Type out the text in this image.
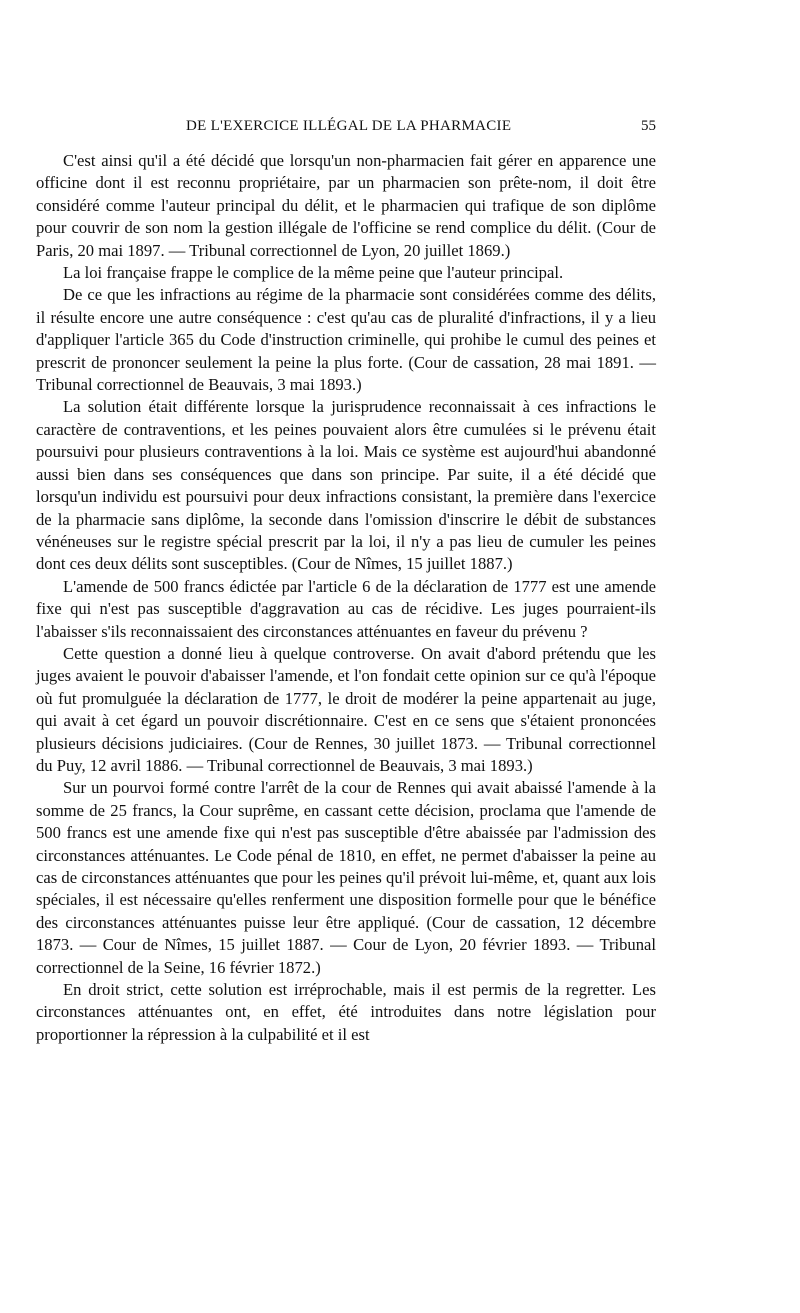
DE L'EXERCICE ILLÉGAL DE LA PHARMACIE	55

C'est ainsi qu'il a été décidé que lorsqu'un non-pharmacien fait gérer en apparence une officine dont il est reconnu propriétaire, par un pharmacien son prête-nom, il doit être considéré comme l'auteur principal du délit, et le pharmacien qui trafique de son diplôme pour couvrir de son nom la gestion illégale de l'officine se rend complice du délit. (Cour de Paris, 20 mai 1897. — Tribunal correctionnel de Lyon, 20 juillet 1869.)

La loi française frappe le complice de la même peine que l'auteur principal.

De ce que les infractions au régime de la pharmacie sont considérées comme des délits, il résulte encore une autre conséquence : c'est qu'au cas de pluralité d'infractions, il y a lieu d'appliquer l'article 365 du Code d'instruction criminelle, qui prohibe le cumul des peines et prescrit de prononcer seulement la peine la plus forte. (Cour de cassation, 28 mai 1891. — Tribunal correctionnel de Beauvais, 3 mai 1893.)

La solution était différente lorsque la jurisprudence reconnaissait à ces infractions le caractère de contraventions, et les peines pouvaient alors être cumulées si le prévenu était poursuivi pour plusieurs contraventions à la loi. Mais ce système est aujourd'hui abandonné aussi bien dans ses conséquences que dans son principe. Par suite, il a été décidé que lorsqu'un individu est poursuivi pour deux infractions consistant, la première dans l'exercice de la pharmacie sans diplôme, la seconde dans l'omission d'inscrire le débit de substances vénéneuses sur le registre spécial prescrit par la loi, il n'y a pas lieu de cumuler les peines dont ces deux délits sont susceptibles. (Cour de Nîmes, 15 juillet 1887.)

L'amende de 500 francs édictée par l'article 6 de la déclaration de 1777 est une amende fixe qui n'est pas susceptible d'aggravation au cas de récidive. Les juges pourraient-ils l'abaisser s'ils reconnaissaient des circonstances atténuantes en faveur du prévenu ?

Cette question a donné lieu à quelque controverse. On avait d'abord prétendu que les juges avaient le pouvoir d'abaisser l'amende, et l'on fondait cette opinion sur ce qu'à l'époque où fut promulguée la déclaration de 1777, le droit de modérer la peine appartenait au juge, qui avait à cet égard un pouvoir discrétionnaire. C'est en ce sens que s'étaient prononcées plusieurs décisions judiciaires. (Cour de Rennes, 30 juillet 1873. — Tribunal correctionnel du Puy, 12 avril 1886. — Tribunal correctionnel de Beauvais, 3 mai 1893.)

Sur un pourvoi formé contre l'arrêt de la cour de Rennes qui avait abaissé l'amende à la somme de 25 francs, la Cour suprême, en cassant cette décision, proclama que l'amende de 500 francs est une amende fixe qui n'est pas susceptible d'être abaissée par l'admission des circonstances atténuantes. Le Code pénal de 1810, en effet, ne permet d'abaisser la peine au cas de circonstances atténuantes que pour les peines qu'il prévoit lui-même, et, quant aux lois spéciales, il est nécessaire qu'elles renferment une disposition formelle pour que le bénéfice des circonstances atténuantes puisse leur être appliqué. (Cour de cassation, 12 décembre 1873. — Cour de Nîmes, 15 juillet 1887. — Cour de Lyon, 20 février 1893. — Tribunal correctionnel de la Seine, 16 février 1872.)

En droit strict, cette solution est irréprochable, mais il est permis de la regretter. Les circonstances atténuantes ont, en effet, été introduites dans notre législation pour proportionner la répression à la culpabilité et il est
